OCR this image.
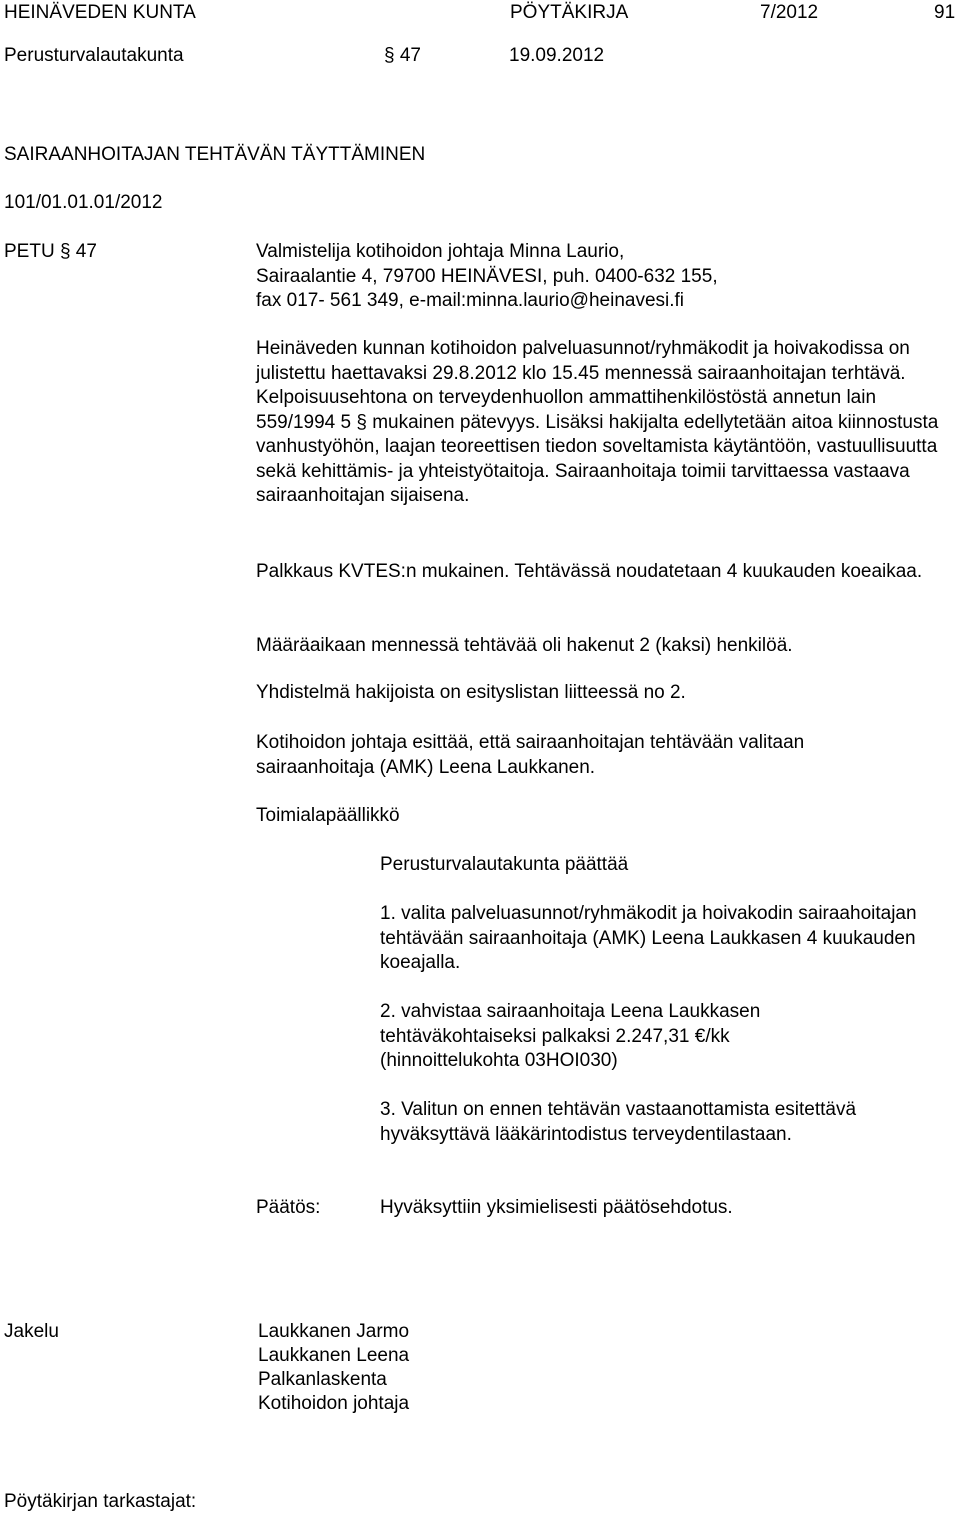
HEINÄVEDEN KUNTA	PÖYTÄKIRJA	7/2012	91
Perusturvalautakunta	§ 47	19.09.2012
SAIRAANHOITAJAN TEHTÄVÄN TÄYTTÄMINEN
101/01.01.01/2012
PETU § 47	Valmistelija kotihoidon johtaja Minna Laurio, Sairaalantie 4, 79700 HEINÄVESI, puh. 0400-632 155, fax 017- 561 349, e-mail:minna.laurio@heinavesi.fi
Heinäveden kunnan kotihoidon palveluasunnot/ryhmäkodit ja hoivakodissa on julistettu haettavaksi 29.8.2012 klo 15.45 mennessä sairaanhoitajan terhtävä. Kelpoisuusehtona on terveydenhuollon ammattihenkilöstöstä annetun lain 559/1994 5 § mukainen pätevyys. Lisäksi hakijalta edellytetään aitoa kiinnostusta vanhustyöhön, laajan teoreettisen tiedon soveltamista käytäntöön, vastuullisuutta sekä kehittämis- ja yhteistyötaitoja. Sairaanhoitaja toimii tarvittaessa vastaava sairaanhoitajan sijaisena.
Palkkaus KVTES:n mukainen. Tehtävässä noudatetaan 4 kuukauden koeaikaa.
Määräaikaan mennessä tehtävää oli hakenut 2 (kaksi) henkilöä.
Yhdistelmä hakijoista on esityslistan liitteessä no 2.
Kotihoidon johtaja esittää, että sairaanhoitajan tehtävään valitaan sairaanhoitaja (AMK) Leena Laukkanen.
Toimialapäällikkö
Perusturvalautakunta päättää
1. valita palveluasunnot/ryhmäkodit ja hoivakodin sairaahoitajan tehtävään sairaanhoitaja (AMK) Leena Laukkasen 4 kuukauden koeajalla.
2. vahvistaa sairaanhoitaja Leena Laukkasen tehtäväkohtaiseksi palkaksi 2.247,31 €/kk (hinnoittelukohta 03HOI030)
3. Valitun on ennen tehtävän vastaanottamista esitettävä hyväksyttävä lääkärintodistus terveydentilastaan.
Päätös:	Hyväksyttiin yksimielisesti päätösehdotus.
Jakelu	Laukkanen Jarmo
Laukkanen Leena
Palkanlaskenta
Kotihoidon johtaja
Pöytäkirjan tarkastajat:
